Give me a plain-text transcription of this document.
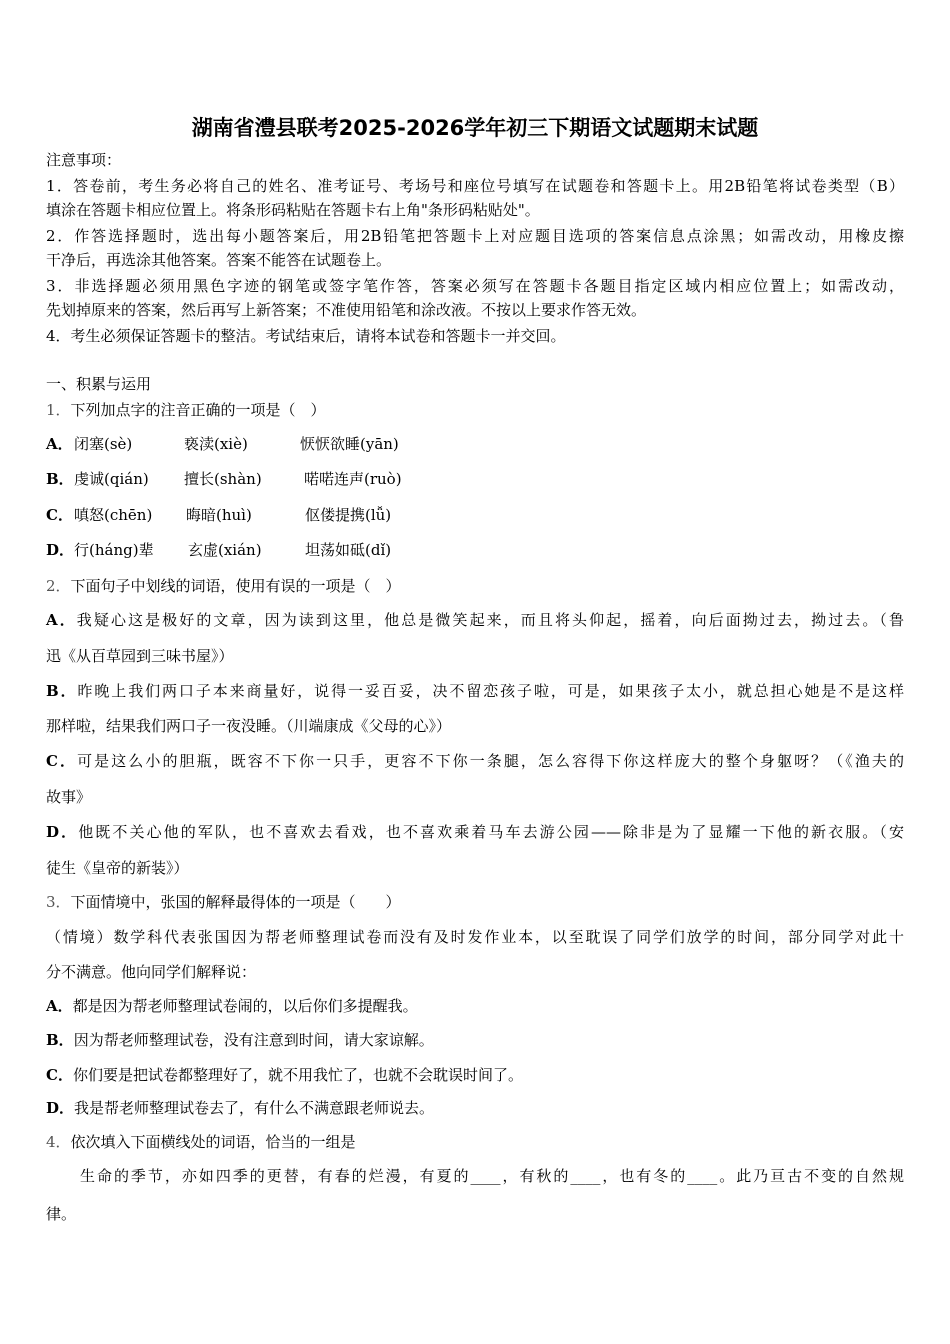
湖南省澧县联考2025-2026学年初三下期语文试题期末试题
注意事项：
1．答卷前，考生务必将自己的姓名、准考证号、考场号和座位号填写在试题卷和答题卡上。用2B铅笔将试卷类型（B）
填涂在答题卡相应位置上。将条形码粘贴在答题卡右上角"条形码粘贴处"。
2．作答选择题时，选出每小题答案后，用2B铅笔把答题卡上对应题目选项的答案信息点涂黑；如需改动，用橡皮擦
干净后，再选涂其他答案。答案不能答在试题卷上。
3．非选择题必须用黑色字迹的钢笔或签字笔作答，答案必须写在答题卡各题目指定区域内相应位置上；如需改动，
先划掉原来的答案，然后再写上新答案；不准使用铅笔和涂改液。不按以上要求作答无效。
4．考生必须保证答题卡的整洁。考试结束后，请将本试卷和答题卡一并交回。
一、积累与运用
1．下列加点字的注音正确的一项是（　）
A．闭塞(sè)	亵渎(xiè)	恹恹欲睡(yān)
B．虔诚(qián) 擅长(shàn)	喏喏连声(ruò)
C．嗔怒(chēn) 晦暗(huì)	伛偻提携(lǚ)
D．行(háng)辈 玄虚(xián)	坦荡如砥(dǐ)
2．下面句子中划线的词语，使用有误的一项是（　）
A．我疑心这是极好的文章，因为读到这里，他总是微笑起来，而且将头仰起，摇着，向后面拗过去，拗过去。（鲁
迅《从百草园到三味书屋》）
B．昨晚上我们两口子本来商量好，说得一妥百妥，决不留恋孩子啦，可是，如果孩子太小，就总担心她是不是这样
那样啦，结果我们两口子一夜没睡。（川端康成《父母的心》）
C．可是这么小的胆瓶，既容不下你一只手，更容不下你一条腿，怎么容得下你这样庞大的整个身躯呀？（《渔夫的
故事》
D．他既不关心他的军队，也不喜欢去看戏，也不喜欢乘着马车去游公园——除非是为了显耀一下他的新衣服。（安
徒生《皇帝的新装》）
3．下面情境中，张国的解释最得体的一项是（　　）
（情境）数学科代表张国因为帮老师整理试卷而没有及时发作业本，以至耽误了同学们放学的时间，部分同学对此十
分不满意。他向同学们解释说：
A．都是因为帮老师整理试卷闹的，以后你们多提醒我。
B．因为帮老师整理试卷，没有注意到时间，请大家谅解。
C．你们要是把试卷都整理好了，就不用我忙了，也就不会耽误时间了。
D．我是帮老师整理试卷去了，有什么不满意跟老师说去。
4．依次填入下面横线处的词语，恰当的一组是
生命的季节，亦如四季的更替，有春的烂漫，有夏的____，有秋的____，也有冬的____。此乃亘古不变的自然规
律。
